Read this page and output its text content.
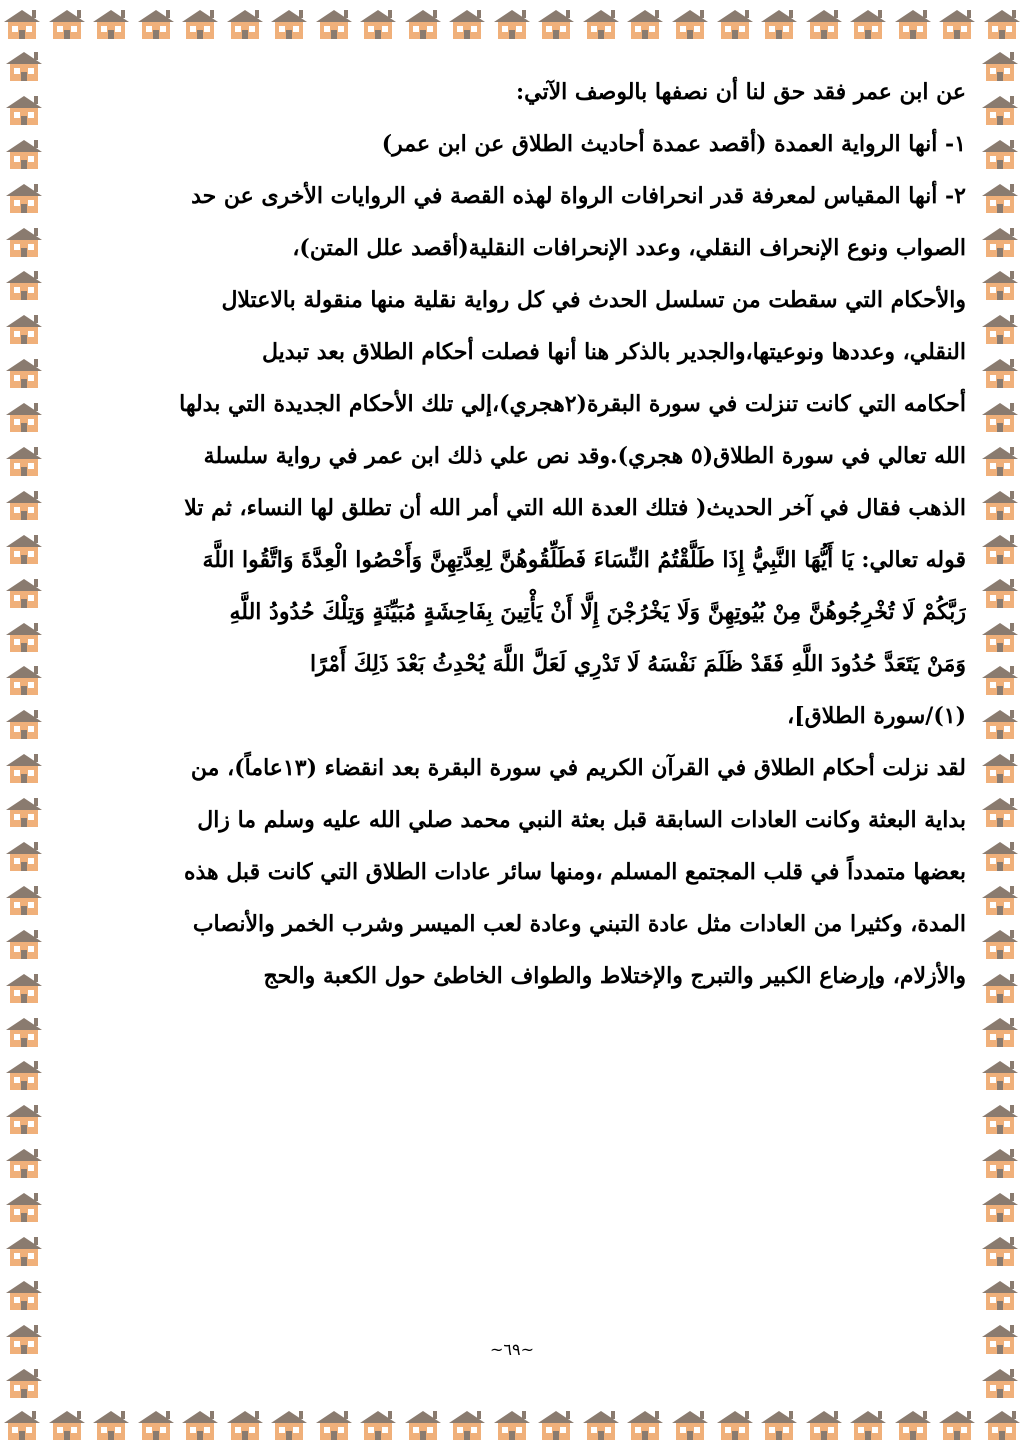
عن ابن عمر فقد حق لنا أن نصفها بالوصف الآتي:

١- أنها الرواية العمدة (أقصد عمدة أحاديث الطلاق عن ابن عمر)

٢- أنها المقياس لمعرفة قدر انحرافات الرواة لهذه القصة في الروايات الأخرى عن حد

الصواب ونوع الإنحراف النقلي، وعدد الإنحرافات النقلية(أقصد علل المتن)،

والأحكام التي سقطت من تسلسل الحدث في كل رواية نقلية منها منقولة بالاعتلال

النقلي، وعددها ونوعيتها،والجدير بالذكر هنا أنها فصلت أحكام الطلاق بعد تبديل

أحكامه التي كانت تنزلت في سورة البقرة(٢هجري)،إلي تلك الأحكام الجديدة التي بدلها

الله تعالي في سورة الطلاق(٥ هجري).وقد نص علي ذلك ابن عمر في رواية سلسلة

الذهب فقال في آخر الحديث( فتلك العدة الله التي أمر الله أن تطلق لها النساء، ثم تلا

قوله تعالي: يَا أَيُّهَا النَّبِيُّ إِذَا طَلَّقْتُمُ النِّسَاءَ فَطَلِّقُوهُنَّ لِعِدَّتِهِنَّ وَأَحْصُوا الْعِدَّةَ وَاتَّقُوا اللَّهَ

رَبَّكُمْ لَا تُخْرِجُوهُنَّ مِنْ بُيُوتِهِنَّ وَلَا يَخْرُجْنَ إِلَّا أَنْ يَأْتِينَ بِفَاحِشَةٍ مُبَيِّنَةٍ وَتِلْكَ حُدُودُ اللَّهِ

وَمَنْ يَتَعَدَّ حُدُودَ اللَّهِ فَقَدْ ظَلَمَ نَفْسَهُ لَا تَدْرِي لَعَلَّ اللَّهَ يُحْدِثُ بَعْدَ ذَلِكَ أَمْرًا

(١)/سورة الطلاق]،

لقد نزلت أحكام الطلاق في القرآن الكريم في سورة البقرة بعد انقضاء (١٣عاماً)، من

بداية البعثة وكانت العادات السابقة قبل بعثة النبي محمد صلي الله عليه وسلم ما زال

بعضها متمدداً في قلب المجتمع المسلم ،ومنها سائر عادات الطلاق التي كانت قبل هذه

المدة، وكثيرا من العادات مثل عادة التبني وعادة لعب الميسر وشرب الخمر والأنصاب

والأزلام، وإرضاع الكبير والتبرج والإختلاط والطواف الخاطئ حول الكعبة والحج

~٦٩~
